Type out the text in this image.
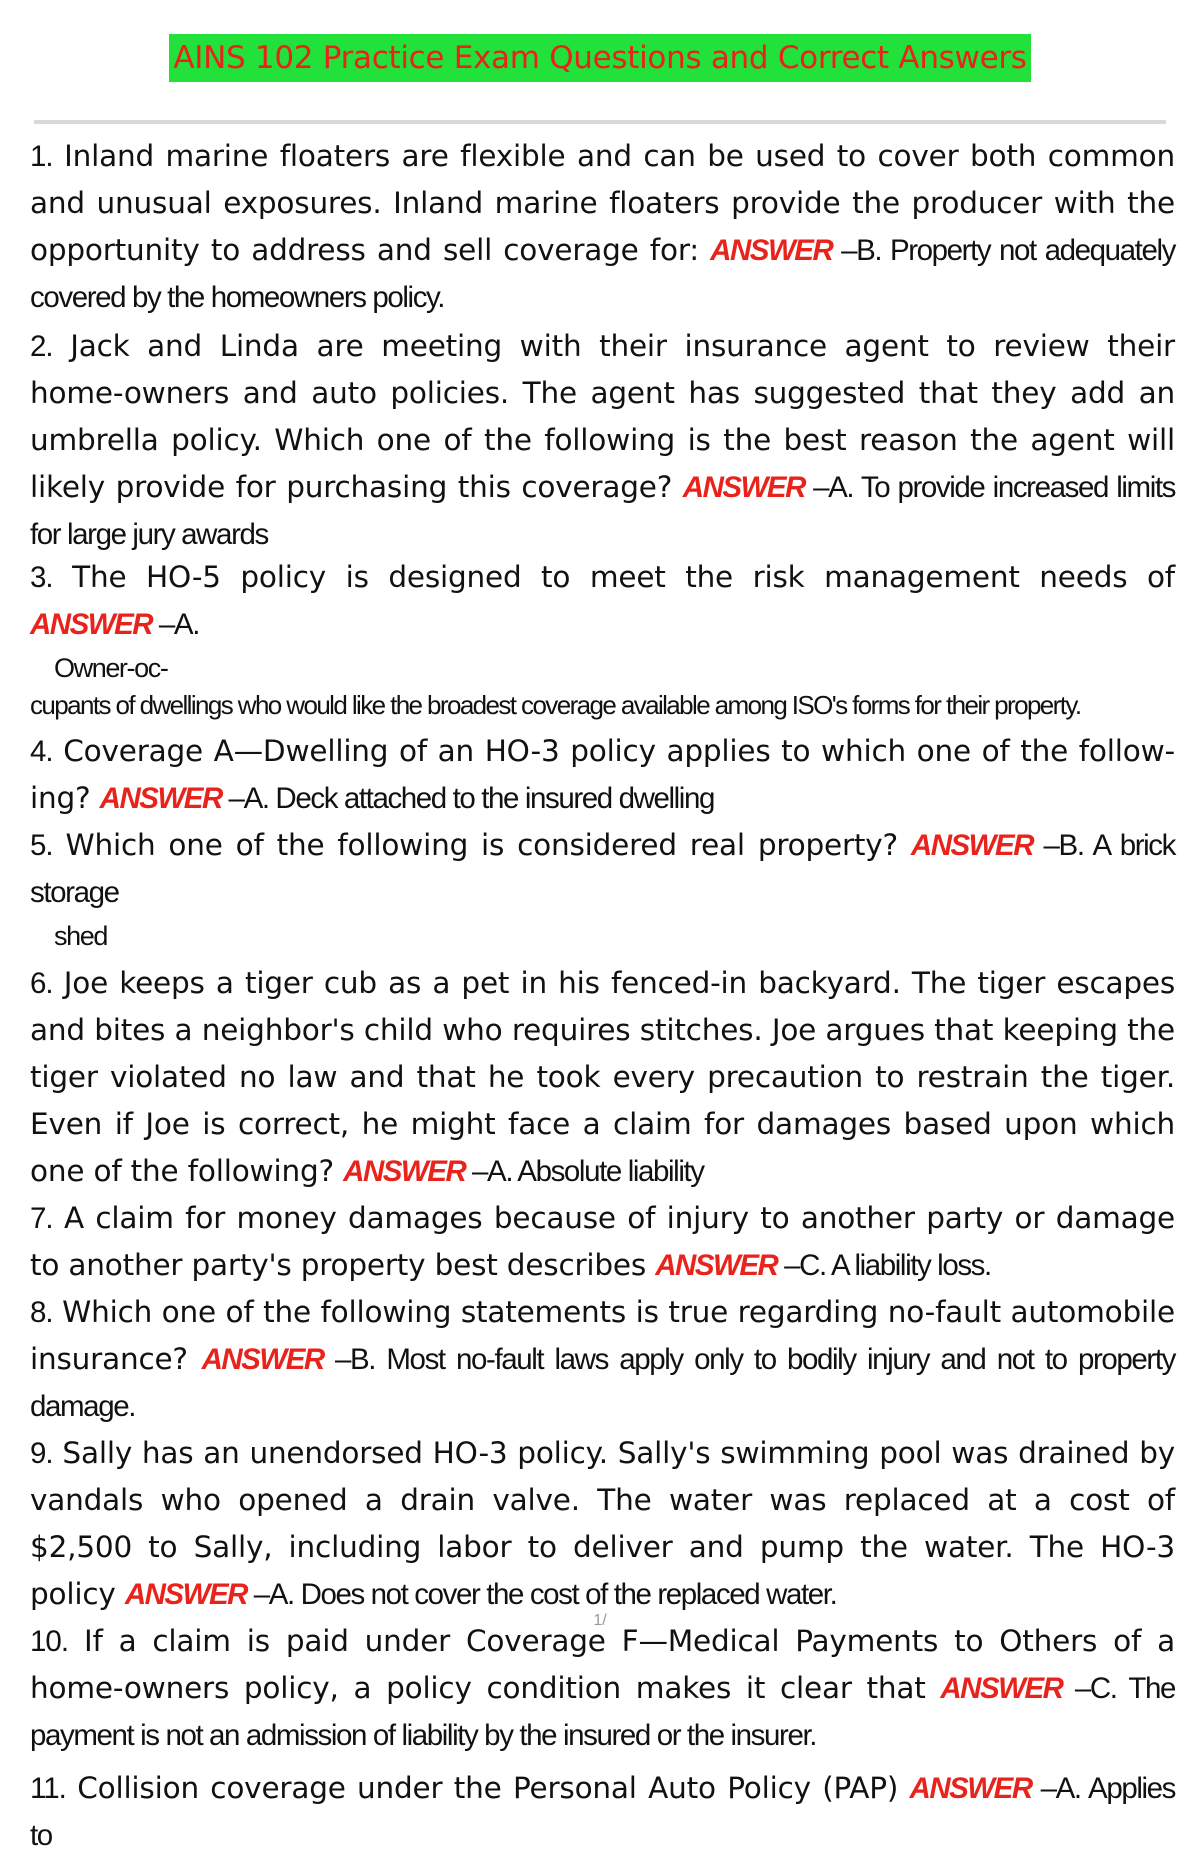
AINS 102 Practice Exam Questions and Correct Answers

1. Inland marine floaters are flexible and can be used to cover both common and unusual exposures. Inland marine floaters provide the producer with the opportunity to address and sell coverage for: ANSWER –B. Property not adequately covered by the homeowners policy.

2. Jack and Linda are meeting with their insurance agent to review their home-owners and auto policies. The agent has suggested that they add an umbrella policy. Which one of the following is the best reason the agent will likely provide for purchasing this coverage? ANSWER –A. To provide increased limits for large jury awards

3. The HO-5 policy is designed to meet the risk management needs of ANSWER –A.

Owner-oc-

cupants of dwellings who would like the broadest coverage available among ISO's forms for their property.

4. Coverage A—Dwelling of an HO-3 policy applies to which one of the follow-ing? ANSWER –A. Deck attached to the insured dwelling

5. Which one of the following is considered real property? ANSWER –B. A brick storage

shed

6. Joe keeps a tiger cub as a pet in his fenced-in backyard. The tiger escapes and bites a neighbor's child who requires stitches. Joe argues that keeping the tiger violated no law and that he took every precaution to restrain the tiger. Even if Joe is correct, he might face a claim for damages based upon which one of the following? ANSWER –A. Absolute liability

7. A claim for money damages because of injury to another party or damage to another party's property best describes ANSWER –C. A liability loss.

8. Which one of the following statements is true regarding no-fault automobile insurance? ANSWER –B. Most no-fault laws apply only to bodily injury and not to property damage.

9. Sally has an unendorsed HO-3 policy. Sally's swimming pool was drained by vandals who opened a drain valve. The water was replaced at a cost of $2,500 to Sally, including labor to deliver and pump the water. The HO-3 policy ANSWER –A. Does not cover the cost of the replaced water.

10. If a claim is paid under Coverage F—Medical Payments to Others of a home-owners policy, a policy condition makes it clear that ANSWER –C. The payment is not an admission of liability by the insured or the insurer.

11. Collision coverage under the Personal Auto Policy (PAP) ANSWER –A. Applies to

1/
